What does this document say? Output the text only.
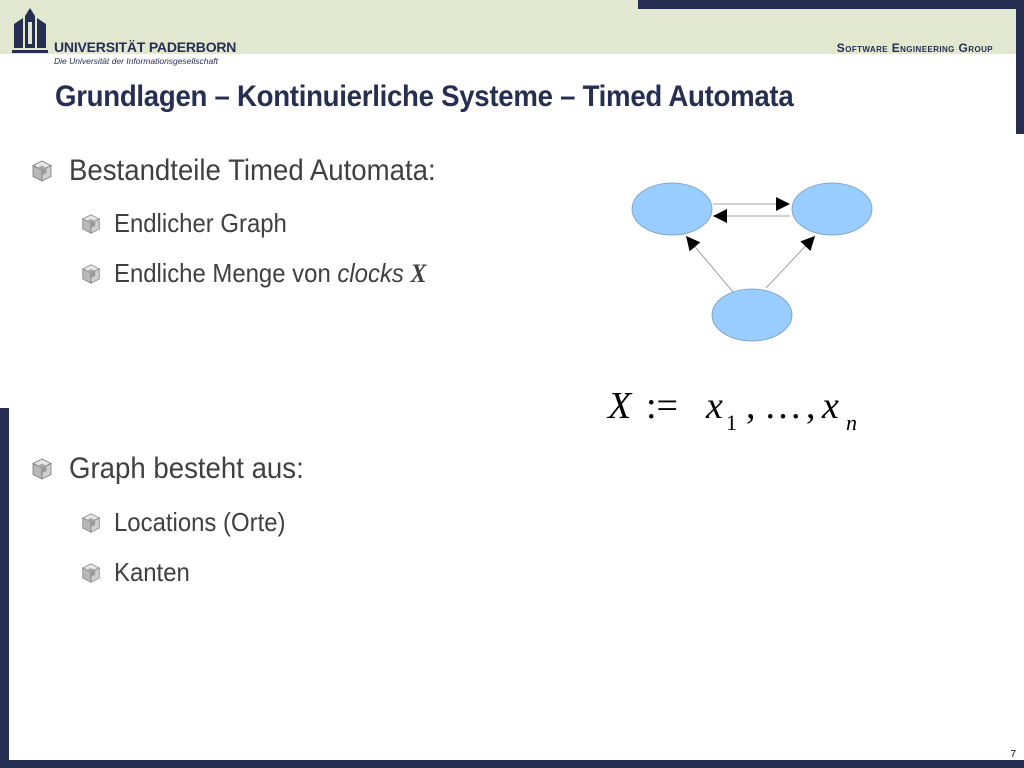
UNIVERSITÄT PADERBORN
Die Universität der Informationsgesellschaft
Software Engineering Group
Grundlagen – Kontinuierliche Systeme – Timed Automata
Bestandteile Timed Automata:
Endlicher Graph
Endliche Menge von clocks X
Graph besteht aus:
Locations (Orte)
Kanten
X := x 1 , … , x n
7
